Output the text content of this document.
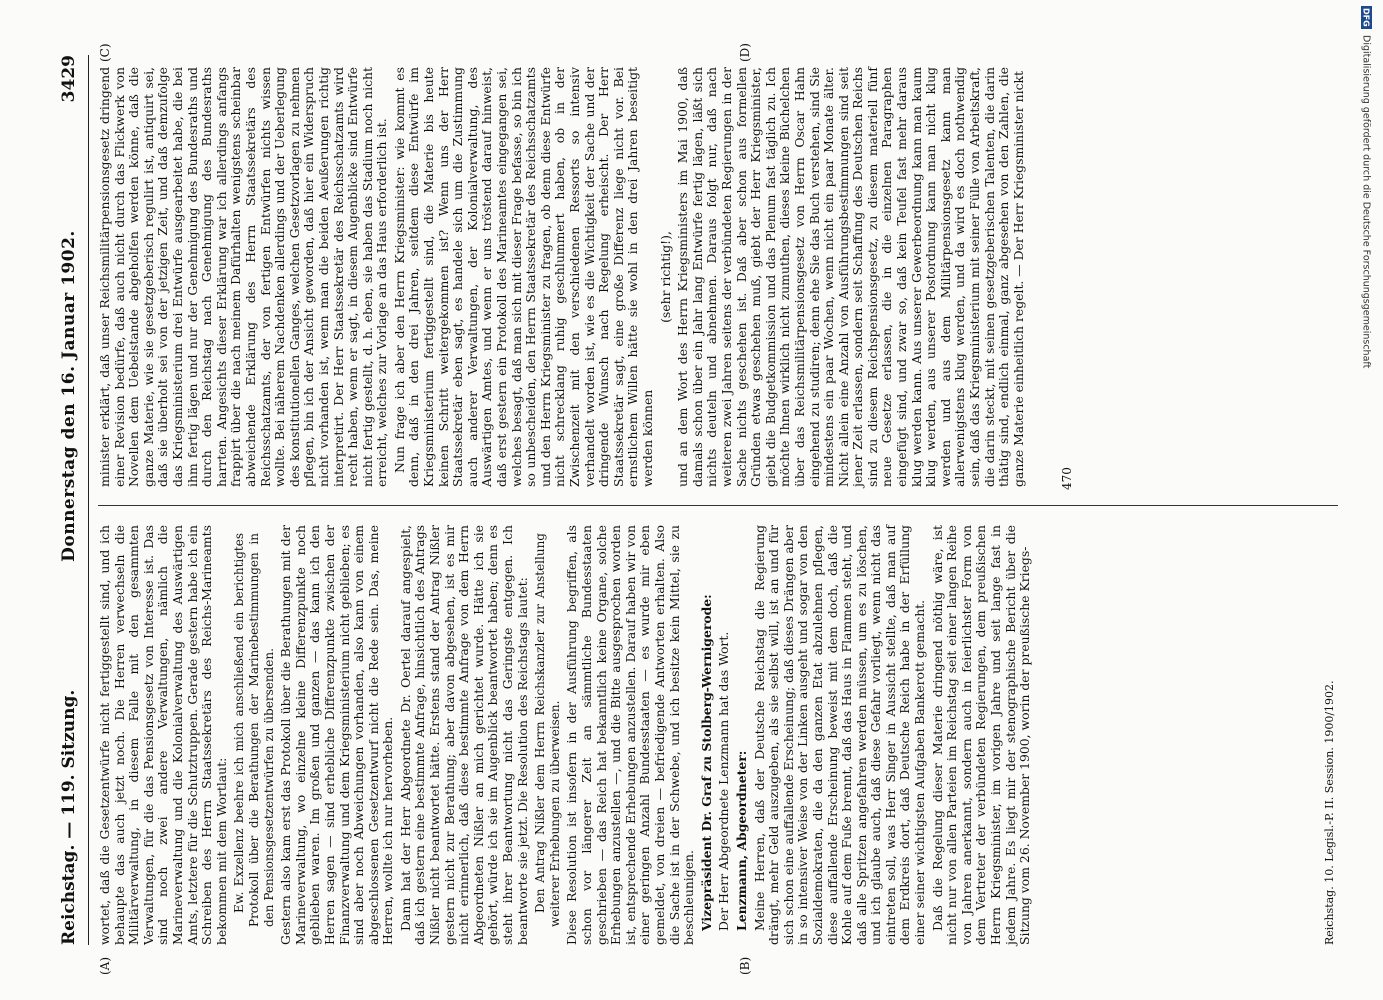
Reichstag. — 119. Sitzung.
Donnerstag den 16. Januar 1902.
3429
(A)

wortet, daß die Gesetzentwürfe nicht fertiggestellt sind, und ich behaupte das auch jetzt noch. Die Herren verwechseln die Militärverwaltung, in diesem Falle mit den gesammten Verwaltungen, für die das Pensionsgesetz von Interesse ist. Das sind noch zwei andere Verwaltungen, nämlich die Marineverwaltung und die Kolonialverwaltung des Auswärtigen Amts, letztere für die Schutztruppen. Gerade gestern habe ich ein Schreiben des Herrn Staatssekretärs des Reichs-Marineamts bekommen mit dem Wortlaut: Ew. Exzellenz beehre ich mich anschließend ein berichtigtes Protokoll über die Berathungen der Marinebestimmungen in den Pensionsgesetzentwürfen zu übersenden. Gestern also kam erst das Protokoll über die Berathungen mit der Marineverwaltung, wo einzelne kleine Differenzpunkte noch geblieben waren. Im großen und ganzen — das kann ich den Herren sagen — sind erhebliche Differenzpunkte zwischen der Finanzverwaltung und dem Kriegsministerium nicht geblieben; es sind aber noch Abweichungen vorhanden, also kann von einem abgeschlossenen Gesetzentwurf nicht die Rede sein. Das, meine Herren, wollte ich nur hervorheben. Dann hat der Herr Abgeordnete Dr. Oertel darauf angespielt, daß ich gestern eine bestimmte Anfrage, hinsichtlich des Antrags Nißler nicht beantwortet hätte. Erstens stand der Antrag Nißler gestern nicht zur Berathung; aber davon abgesehen, ist es mir nicht erinnerlich, daß diese bestimmte Anfrage von dem Herrn Abgeordneten Nißler an mich gerichtet wurde. Hätte ich sie gehört, würde ich sie im Augenblick beantwortet haben; denn es steht ihrer Beantwortung nicht das Geringste entgegen. Ich beantworte sie jetzt. Die Resolution des Reichstags lautet: Den Antrag Nißler dem Herrn Reichskanzler zur Anstellung weiterer Erhebungen zu überweisen.

(B)

Diese Resolution ist insofern in der Ausführung begriffen, als schon vor längerer Zeit an sämmtliche Bundesstaaten geschrieben — das Reich hat bekanntlich keine Organe, solche Erhebungen anzustellen —, und die Bitte ausgesprochen worden ist, entsprechende Erhebungen anzustellen. Darauf haben wir von einer geringen Anzahl Bundesstaaten — es wurde mir eben gemeldet, von dreien — befriedigende Antworten erhalten. Also die Sache ist in der Schwebe, und ich besitze kein Mittel, sie zu beschleunigen. Vizepräsident Dr. Graf zu Stolberg-Wernigerode: Der Herr Abgeordnete Lenzmann hat das Wort. Lenzmann, Abgeordneter: Meine Herren, daß der Deutsche Reichstag die Regierung drängt, mehr Geld auszugeben, als sie selbst will, ist an und für sich schon eine auffallende Erscheinung; daß dieses Drängen aber in so intensiver Weise von der Linken ausgeht und sogar von den Sozialdemokraten, die da den ganzen Etat abzulehnen pflegen, diese auffallende Erscheinung beweist mit dem doch, daß die Kohle auf dem Fuße brennt, daß das Haus in Flammen steht, und daß alle Spritzen angefahren werden müssen, um es zu löschen, und ich glaube auch, daß diese Gefahr vorliegt, wenn nicht das eintreten soll, was Herr Singer in Aussicht stellte, daß man auf dem Erdkreis dort, daß Deutsche Reich habe in der Erfüllung einer seiner wichtigsten Aufgaben Bankerott gemacht. Daß die Regelung dieser Materie dringend nöthig wäre, ist nicht nur von allen Parteien im Reichstag seit einer langen Reihe von Jahren anerkannt, sondern auch in feierlichster Form von dem Vertreter der verbündeten Regierungen, dem preußischen Herrn Kriegsminister, im vorigen Jahre und seit lange fast in jedem Jahre. Es liegt mir der stenographische Bericht über die Sitzung vom 26. November 1900, worin der preußische Kriegs-	Reichstag. 10. Legisl.-P. II. Session. 1900/1902.
(C)

minister erklärt, daß unser Reichsmilitärpensionsgesetz dringend einer Revision bedürfe, daß auch nicht durch das Flickwerk von Novellen dem Uebelstande abgeholfen werden könne, daß die ganze Materie, wie sie gesetzgeberisch regulirt ist, antiquirt sei, daß sie überholt sei von der jetzigen Zeit, und daß demzufolge das Kriegsministerium drei Entwürfe ausgearbeitet habe, die bei ihm fertig lägen und nur der Genehmigung des Bundesraths und durch den Reichstag nach Genehmigung des Bundesraths harrten. Angesichts dieser Erklärung war ich allerdings anfangs frappirt über die nach meinem Dafürhalten wenigstens scheinbar abweichende Erklärung des Herrn Staatssekretärs des Reichsschatzamts, der von fertigen Entwürfen nichts wissen wollte. Bei näherem Nachdenken allerdings und der Ueberlegung des konstitutionellen Ganges, welchen Gesetzvorlagen zu nehmen pflegen, bin ich der Ansicht geworden, daß hier ein Widerspruch nicht vorhanden ist, wenn man die beiden Aeußerungen richtig interpretirt. Der Herr Staatssekretär des Reichsschatzamts wird recht haben, wenn er sagt, in diesem Augenblicke sind Entwürfe nicht fertig gestellt, d. h. eben, sie haben das Stadium noch nicht erreicht, welches zur Vorlage an das Haus erforderlich ist. Nun frage ich aber den Herrn Kriegsminister: wie kommt es denn, daß in den drei Jahren, seitdem diese Entwürfe im Kriegsministerium fertiggestellt sind, die Materie bis heute keinen Schritt weitergekommen ist? Wenn uns der Herr Staatssekretär eben sagt, es handele sich um die Zustimmung auch anderer Verwaltungen, der Kolonialverwaltung, des Auswärtigen Amtes, und wenn er uns tröstend darauf hinweist, daß erst gestern ein Protokoll des Marineamtes eingegangen sei, welches besagt, daß man sich mit dieser Frage befasse, so bin ich so unbescheiden, den Herrn Staatssekretär des Reichsschatzamts und den Herrn Kriegsminister zu fragen, ob denn diese Entwürfe nicht schrecklang ruhig geschlummert haben, ob in der Zwischenzeit mit den verschiedenen Ressorts so intensiv verhandelt worden ist, wie es die Wichtigkeit der Sache und der dringende Wunsch nach Regelung erheischt. Der Herr Staatssekretär sagt, eine große Differenz liege nicht vor. Bei ernstlichem Willen hätte sie wohl in den drei Jahren beseitigt werden können

(sehr richtig!),

(D)

und an dem Wort des Herrn Kriegsministers im Mai 1900, daß damals schon über ein Jahr lang Entwürfe fertig lägen, läßt sich nichts deuteln und abnehmen. Daraus folgt nur, daß nach weiteren zwei Jahren seitens der verbündeten Regierungen in der Sache nichts geschehen ist. Daß aber schon aus formellen Gründen etwas geschehen muß, giebt der Herr Kriegsminister, giebt die Budgetkommission und das Plenum fast täglich zu. Ich möchte Ihnen wirklich nicht zumuthen, dieses kleine Büchelchen über das Reichsmilitärpensionsgesetz von Herrn Oscar Hahn eingehend zu studiren; denn ehe Sie das Buch verstehen, sind Sie mindestens ein paar Wochen, wenn nicht ein paar Monate älter. Nicht allein eine Anzahl von Ausführungsbestimmungen sind seit jener Zeit erlassen, sondern seit Schaffung des Deutschen Reichs sind zu diesem Reichspensionsgesetz, zu diesem materiell fünf neue Gesetze erlassen, die in die einzelnen Paragraphen eingefügt sind, und zwar so, daß kein Teufel fast mehr daraus klug werden kann. Aus unserer Gewerbeordnung kann man kaum klug werden, aus unserer Postordnung kann man nicht klug werden und aus dem Militärpensionsgesetz kann man allerwenigstens klug werden, und da wird es doch nothwendig sein, daß das Kriegsministerium mit seiner Fülle von Arbeitskraft, die darin steckt, mit seinen gesetzgeberischen Talenten, die darin thätig sind, endlich einmal, ganz abgesehen von den Zahlen, die ganze Materie einheitlich regelt. — Der Herr Kriegsminister nickt	470
DFG
Digitalisierung gefördert durch die Deutsche Forschungsgemeinschaft
